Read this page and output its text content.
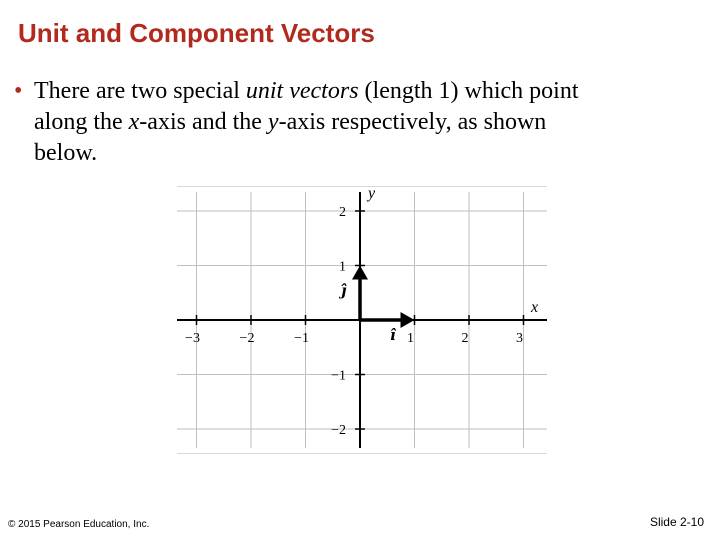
Unit and Component Vectors
• There are two special unit vectors (length 1) which point
along the x-axis and the y-axis respectively, as shown
below.
−3	−2	−1	1	2	3
2
1
−1
−2
x
y
î
ĵ
© 2015 Pearson Education, Inc.	Slide 2-10
